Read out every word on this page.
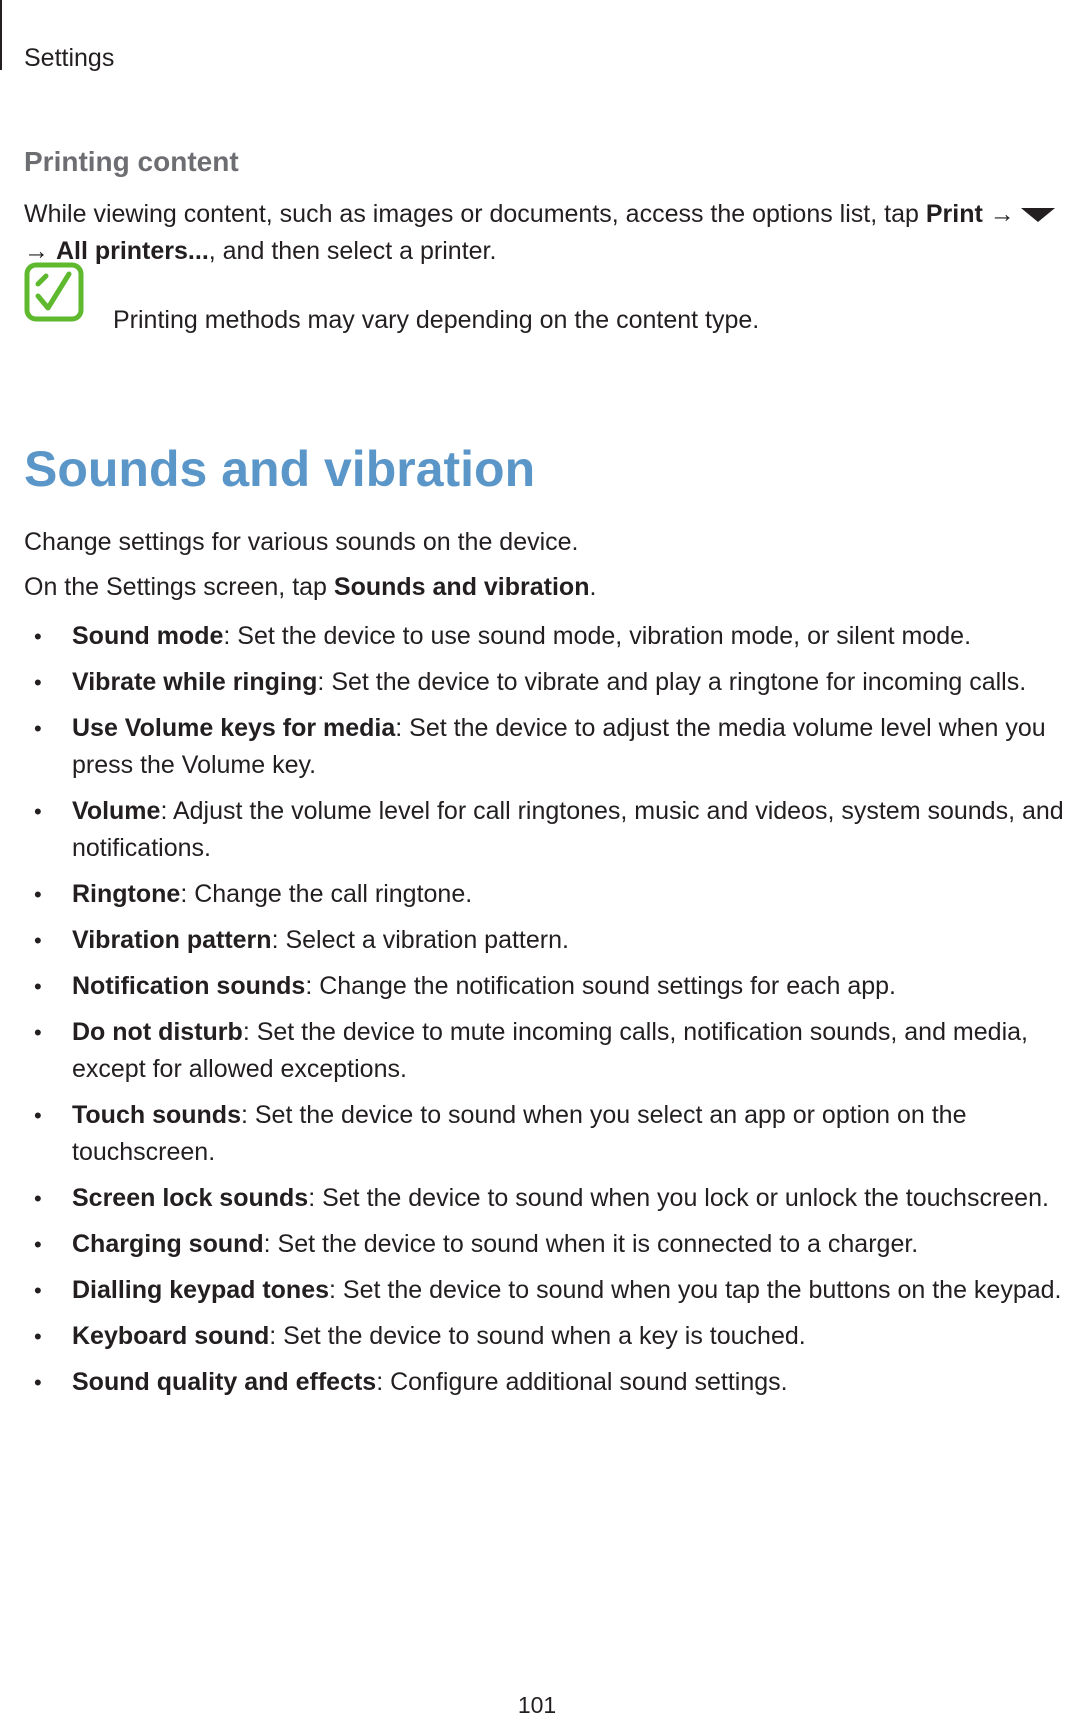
Settings
Printing content
While viewing content, such as images or documents, access the options list, tap Print →
→ All printers..., and then select a printer.
Printing methods may vary depending on the content type.
Sounds and vibration
Change settings for various sounds on the device.
On the Settings screen, tap Sounds and vibration.
• Sound mode: Set the device to use sound mode, vibration mode, or silent mode.
• Vibrate while ringing: Set the device to vibrate and play a ringtone for incoming calls.
• Use Volume keys for media: Set the device to adjust the media volume level when you press the Volume key.
• Volume: Adjust the volume level for call ringtones, music and videos, system sounds, and notifications.
• Ringtone: Change the call ringtone.
• Vibration pattern: Select a vibration pattern.
• Notification sounds: Change the notification sound settings for each app.
• Do not disturb: Set the device to mute incoming calls, notification sounds, and media, except for allowed exceptions.
• Touch sounds: Set the device to sound when you select an app or option on the touchscreen.
• Screen lock sounds: Set the device to sound when you lock or unlock the touchscreen.
• Charging sound: Set the device to sound when it is connected to a charger.
• Dialling keypad tones: Set the device to sound when you tap the buttons on the keypad.
• Keyboard sound: Set the device to sound when a key is touched.
• Sound quality and effects: Configure additional sound settings.
101
